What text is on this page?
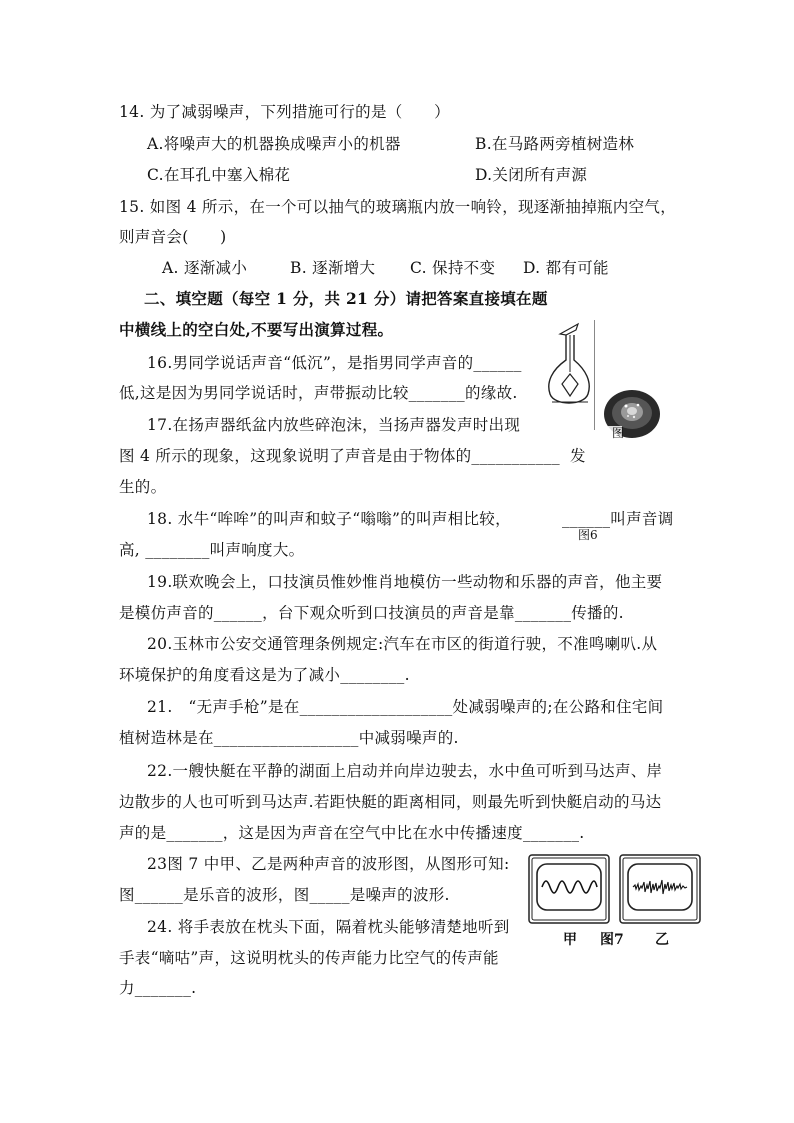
14. 为了减弱噪声，下列措施可行的是（　　）
A.将噪声大的机器换成噪声小的机器	B.在马路两旁植树造林
C.在耳孔中塞入棉花	D.关闭所有声源
15. 如图 4 所示，在一个可以抽气的玻璃瓶内放一响铃，现逐渐抽掉瓶内空气，
则声音会(　　)
A. 逐渐减小	B. 逐渐增大 C. 保持不变 D. 都有可能
二、填空题（每空 1 分，共 21 分）请把答案直接填在题
中横线上的空白处,不要写出演算过程。
16.男同学说话声音“低沉”，是指男同学声音的______
低,这是因为男同学说话时，声带振动比较_______的缘故.
17.在扬声器纸盆内放些碎泡沫，当扬声器发声时出现
图 4 所示的现象，这现象说明了声音是由于物体的___________ 发
生的。
18. 水牛“哞哞”的叫声和蚊子“嗡嗡”的叫声相比较，	______叫声音调
高, ________叫声响度大。
19.联欢晚会上，口技演员惟妙惟肖地模仿一些动物和乐器的声音，他主要
是模仿声音的______，台下观众听到口技演员的声音是靠_______传播的.
20.玉林市公安交通管理条例规定:汽车在市区的街道行驶，不准鸣喇叭.从
环境保护的角度看这是为了减小________.
21.　“无声手枪”是在___________________处减弱噪声的;在公路和住宅间
植树造林是在__________________中减弱噪声的.
22.一艘快艇在平静的湖面上启动并向岸边驶去，水中鱼可听到马达声、岸
边散步的人也可听到马达声.若距快艇的距离相同，则最先听到快艇启动的马达
声的是_______，这是因为声音在空气中比在水中传播速度_______.
23图 7 中甲、乙是两种声音的波形图，从图形可知:
图______是乐音的波形，图_____是噪声的波形.
24. 将手表放在枕头下面，隔着枕头能够清楚地听到
手表“嘀咕”声，这说明枕头的传声能力比空气的传声能
力_______.
图
图6
甲 图7 乙
